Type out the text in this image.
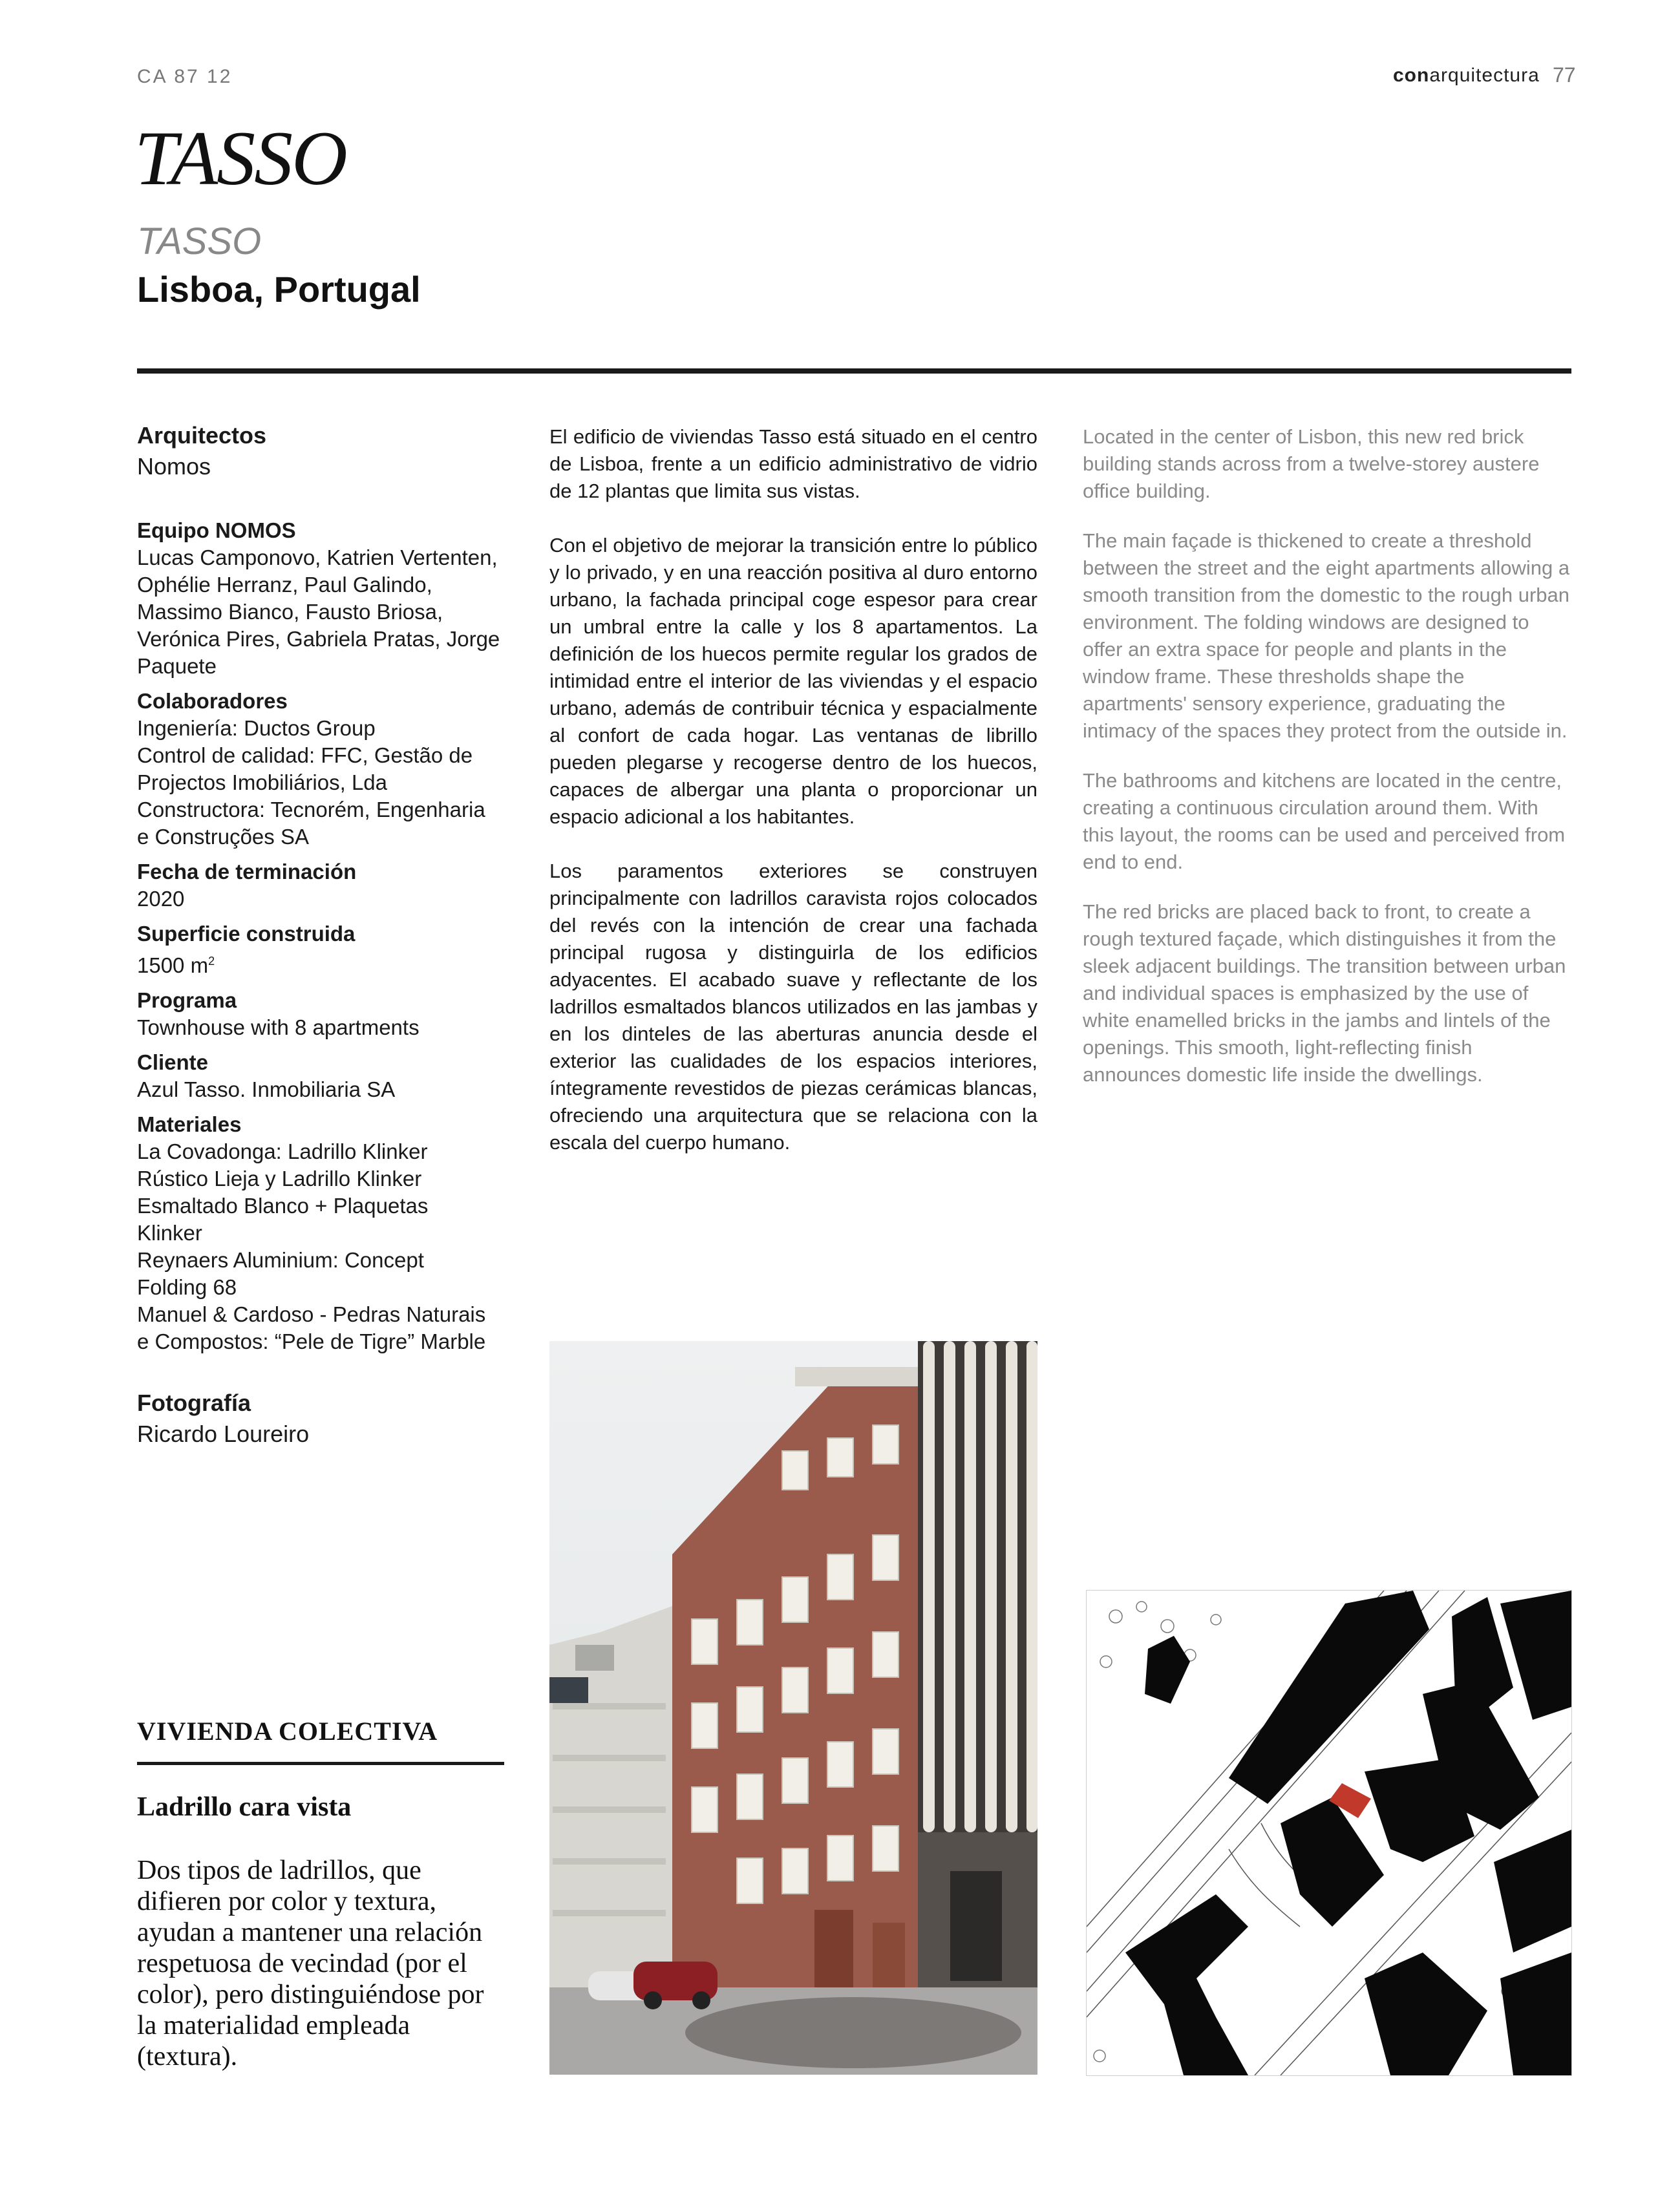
CA 87 12	conarquitectura 77
TASSO
TASSO
Lisboa, Portugal

Arquitectos

Nomos

Equipo NOMOS

Lucas Camponovo, Katrien Vertenten,

Ophélie Herranz, Paul Galindo,

Massimo Bianco, Fausto Briosa,

Verónica Pires, Gabriela Pratas, Jorge

Paquete

Colaboradores

Ingeniería: Ductos Group

Control de calidad: FFC, Gestão de

Projectos Imobiliários, Lda

Constructora: Tecnorém, Engenharia

e Construções SA

Fecha de terminación

2020

Superficie construida

1500 $m^2$

Programa

Townhouse with 8 apartments

Cliente

Azul Tasso. Inmobiliaria SA

Materiales

La Covadonga: Ladrillo Klinker

Rústico Lieja y Ladrillo Klinker

Esmaltado Blanco + Plaquetas

Klinker

Reynaers Aluminium: Concept

Folding 68

Manuel & Cardoso - Pedras Naturais

e Compostos: “Pele de Tigre” Marble

Fotografía

Ricardo Loureiro

El edificio de viviendas Tasso está situado en el centro de Lisboa, frente a un edificio administrativo de vidrio de 12 plantas que limita sus vistas.

Con el objetivo de mejorar la transición entre lo público y lo privado, y en una reacción positiva al duro entorno urbano, la fachada principal coge espesor para crear un umbral entre la calle y los 8 apartamentos. La definición de los huecos permite regular los grados de intimidad entre el interior de las viviendas y el espacio urbano, además de contribuir técnica y espacialmente al confort de cada hogar. Las ventanas de librillo pueden plegarse y recogerse dentro de los huecos, capaces de albergar una planta o proporcionar un espacio adicional a los habitantes.

Los paramentos exteriores se construyen principalmente con ladrillos caravista rojos colocados del revés con la intención de crear una fachada principal rugosa y distinguirla de los edificios adyacentes. El acabado suave y reflectante de los ladrillos esmaltados blancos utilizados en las jambas y en los dinteles de las aberturas anuncia desde el exterior las cualidades de los espacios interiores, íntegramente revestidos de piezas cerámicas blancas, ofreciendo una arquitectura que se relaciona con la escala del cuerpo humano.

Located in the center of Lisbon, this new red brick building stands across from a twelve-storey austere office building.

The main façade is thickened to create a threshold between the street and the eight apartments allowing a smooth transition from the domestic to the rough urban environment. The folding windows are designed to offer an extra space for people and plants in the window frame. These thresholds shape the apartments' sensory experience, graduating the intimacy of the spaces they protect from the outside in.

The bathrooms and kitchens are located in the centre, creating a continuous circulation around them. With this layout, the rooms can be used and perceived from end to end.

The red bricks are placed back to front, to create a rough textured façade, which distinguishes it from the sleek adjacent buildings. The transition between urban and individual spaces is emphasized by the use of white enamelled bricks in the jambs and lintels of the openings. This smooth, light-reflecting finish announces domestic life inside the dwellings.

VIVIENDA COLECTIVA
Ladrillo cara vista
Dos tipos de ladrillos, que difieren por color y textura, ayudan a mantener una relación respetuosa de vecindad (por el color), pero distinguiéndose por la materialidad empleada (textura).
